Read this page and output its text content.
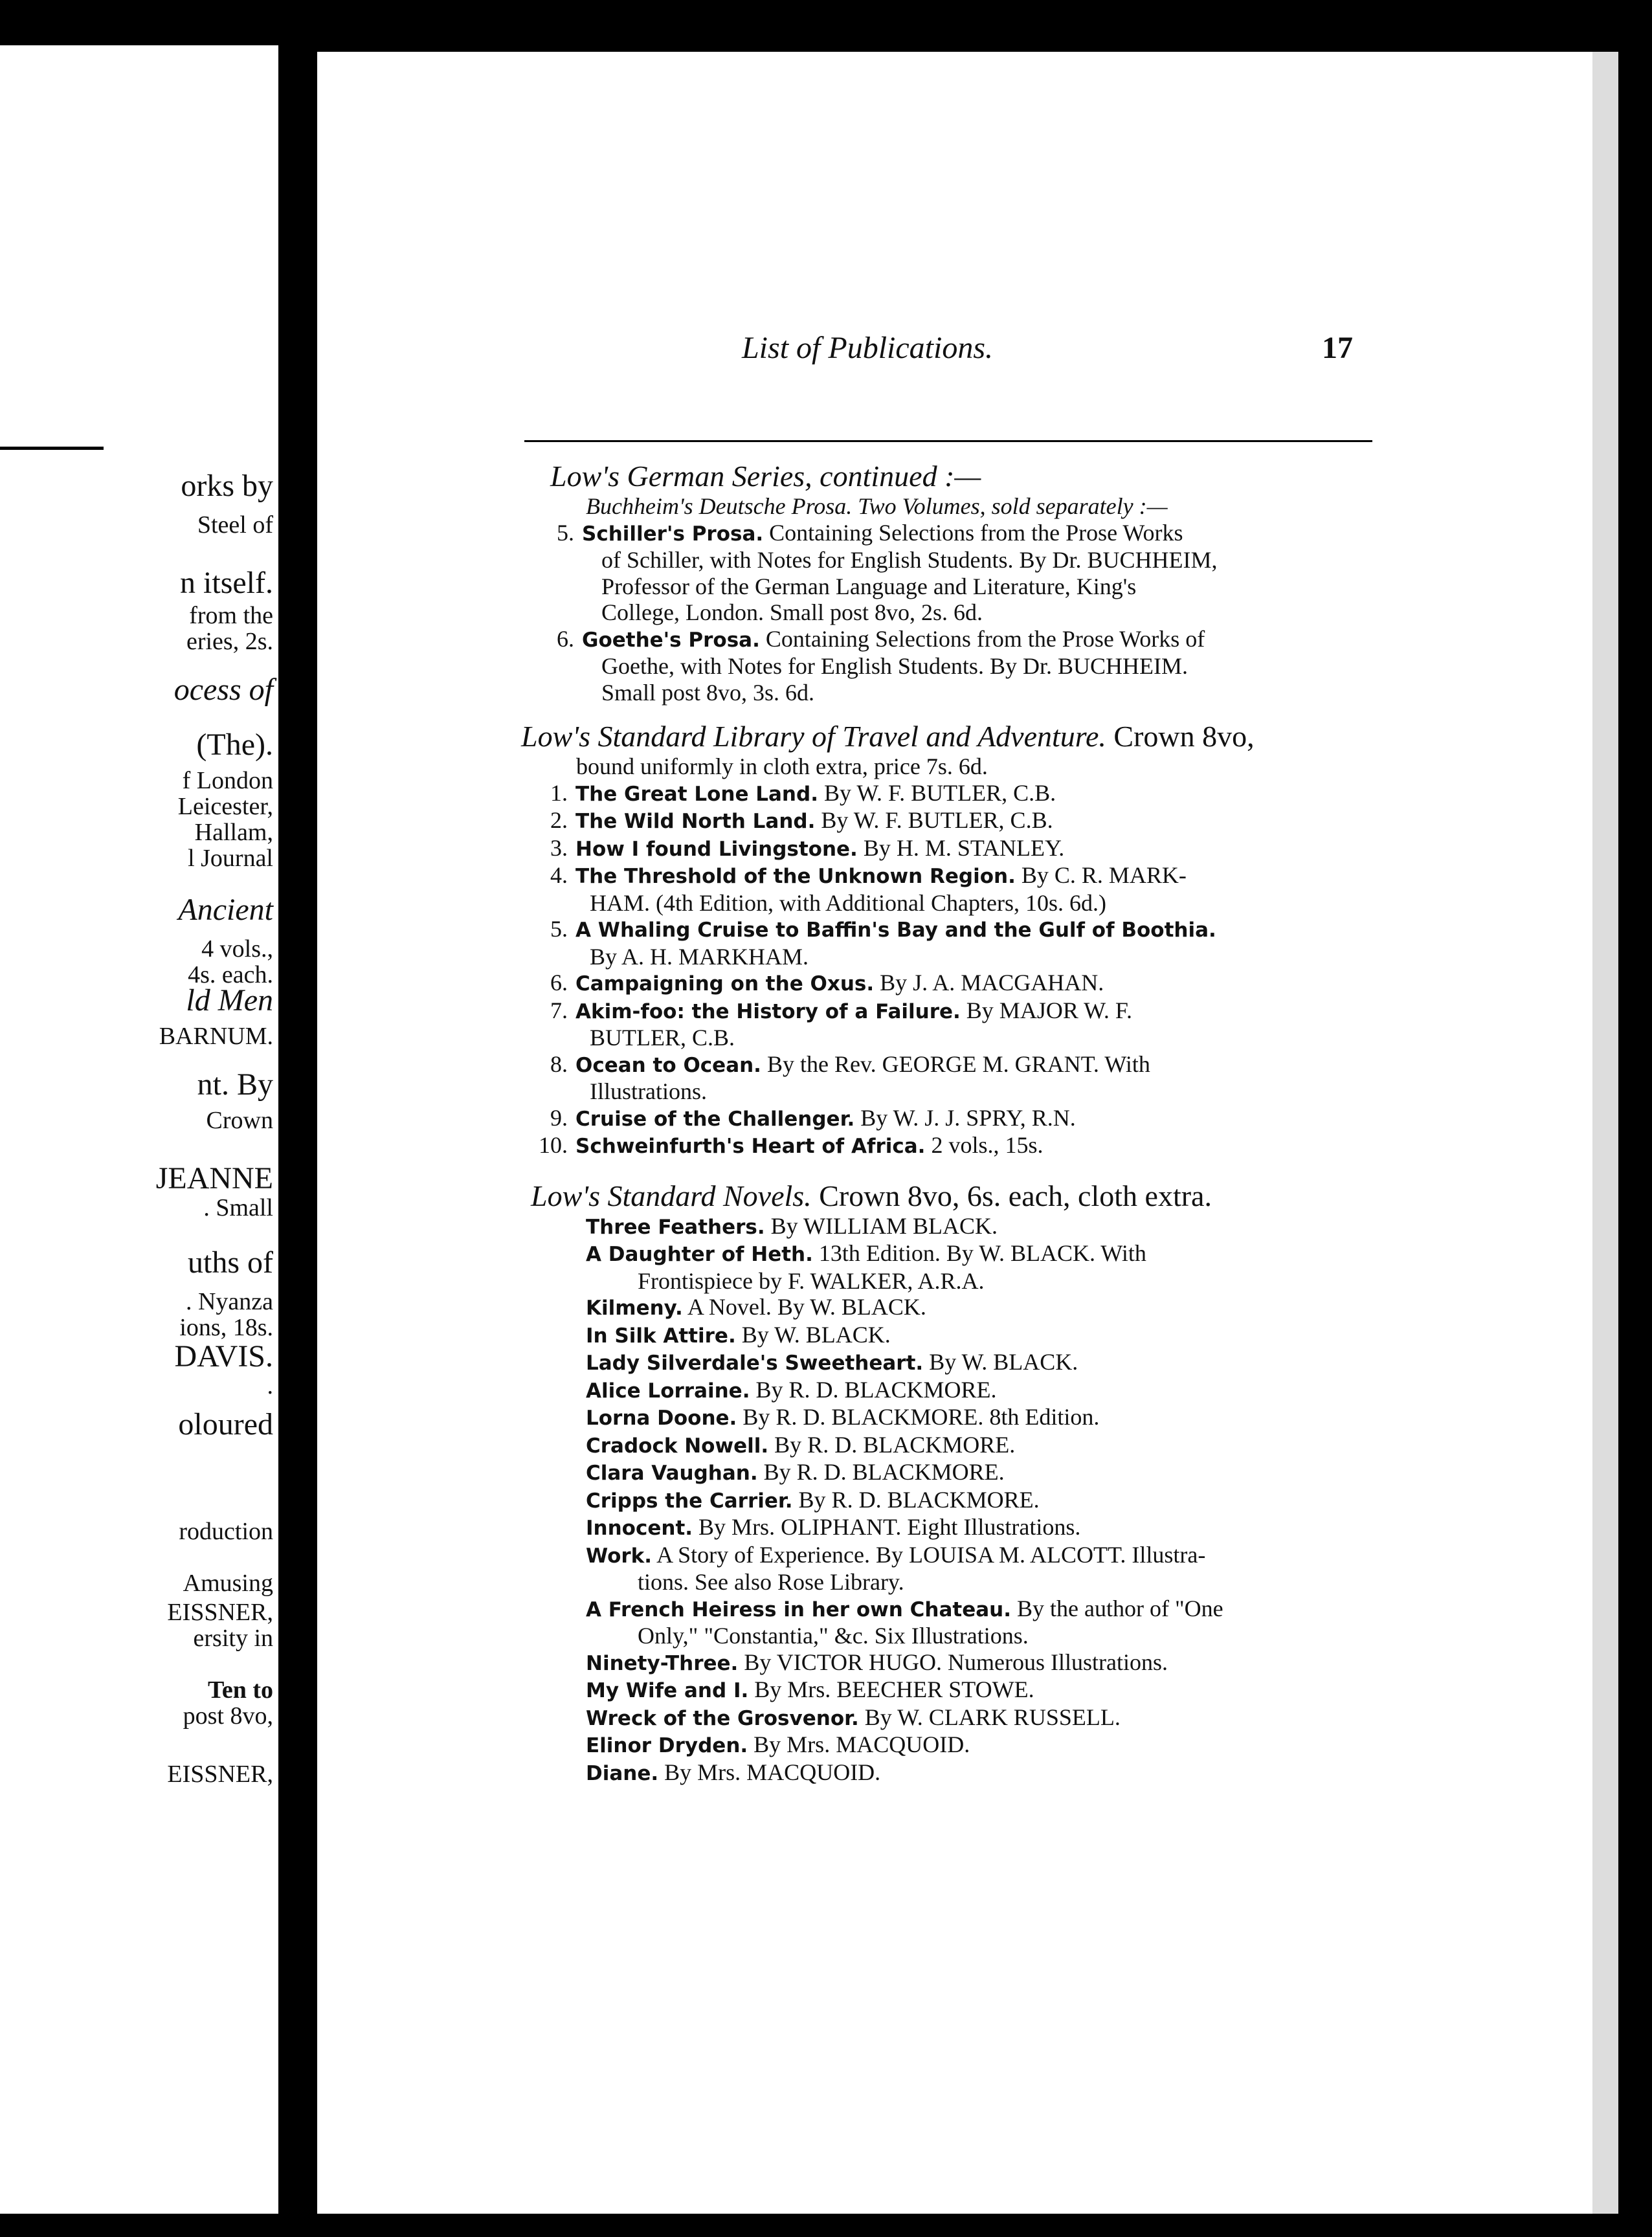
orks by
Steel of
n itself.
from the
eries, 2s.
ocess of
(The).
f London
Leicester,
Hallam,
l Journal
Ancient
4 vols.,
4s. each.
ld Men
BARNUM.
nt. By
Crown
JEANNE
. Small
uths of
. Nyanza
ions, 18s.
DAVIS.
.
oloured
roduction
Amusing
EISSNER,
ersity in
Ten to
post 8vo,
EISSNER,
List of Publications.	17
Low's German Series, continued :—
Buchheim's Deutsche Prosa. Two Volumes, sold separately :—
5. Schiller's Prosa. Containing Selections from the Prose Works
of Schiller, with Notes for English Students. By Dr. BUCHHEIM,
Professor of the German Language and Literature, King's
College, London. Small post 8vo, 2s. 6d.
6. Goethe's Prosa. Containing Selections from the Prose Works of
Goethe, with Notes for English Students. By Dr. BUCHHEIM.
Small post 8vo, 3s. 6d.
Low's Standard Library of Travel and Adventure. Crown 8vo,
bound uniformly in cloth extra, price 7s. 6d.
1. The Great Lone Land. By W. F. BUTLER, C.B.
2. The Wild North Land. By W. F. BUTLER, C.B.
3. How I found Livingstone. By H. M. STANLEY.
4. The Threshold of the Unknown Region. By C. R. MARK-
HAM. (4th Edition, with Additional Chapters, 10s. 6d.)
5. A Whaling Cruise to Baffin's Bay and the Gulf of Boothia.
By A. H. MARKHAM.
6. Campaigning on the Oxus. By J. A. MACGAHAN.
7. Akim-foo: the History of a Failure. By MAJOR W. F.
BUTLER, C.B.
8. Ocean to Ocean. By the Rev. GEORGE M. GRANT. With
Illustrations.
9. Cruise of the Challenger. By W. J. J. SPRY, R.N.
10. Schweinfurth's Heart of Africa. 2 vols., 15s.
Low's Standard Novels. Crown 8vo, 6s. each, cloth extra.
Three Feathers. By WILLIAM BLACK.
A Daughter of Heth. 13th Edition. By W. BLACK. With
Frontispiece by F. WALKER, A.R.A.
Kilmeny. A Novel. By W. BLACK.
In Silk Attire. By W. BLACK.
Lady Silverdale's Sweetheart. By W. BLACK.
Alice Lorraine. By R. D. BLACKMORE.
Lorna Doone. By R. D. BLACKMORE. 8th Edition.
Cradock Nowell. By R. D. BLACKMORE.
Clara Vaughan. By R. D. BLACKMORE.
Cripps the Carrier. By R. D. BLACKMORE.
Innocent. By Mrs. OLIPHANT. Eight Illustrations.
Work. A Story of Experience. By LOUISA M. ALCOTT. Illustra-
tions. See also Rose Library.
A French Heiress in her own Chateau. By the author of "One
Only," "Constantia," &c. Six Illustrations.
Ninety-Three. By VICTOR HUGO. Numerous Illustrations.
My Wife and I. By Mrs. BEECHER STOWE.
Wreck of the Grosvenor. By W. CLARK RUSSELL.
Elinor Dryden. By Mrs. MACQUOID.
Diane. By Mrs. MACQUOID.
